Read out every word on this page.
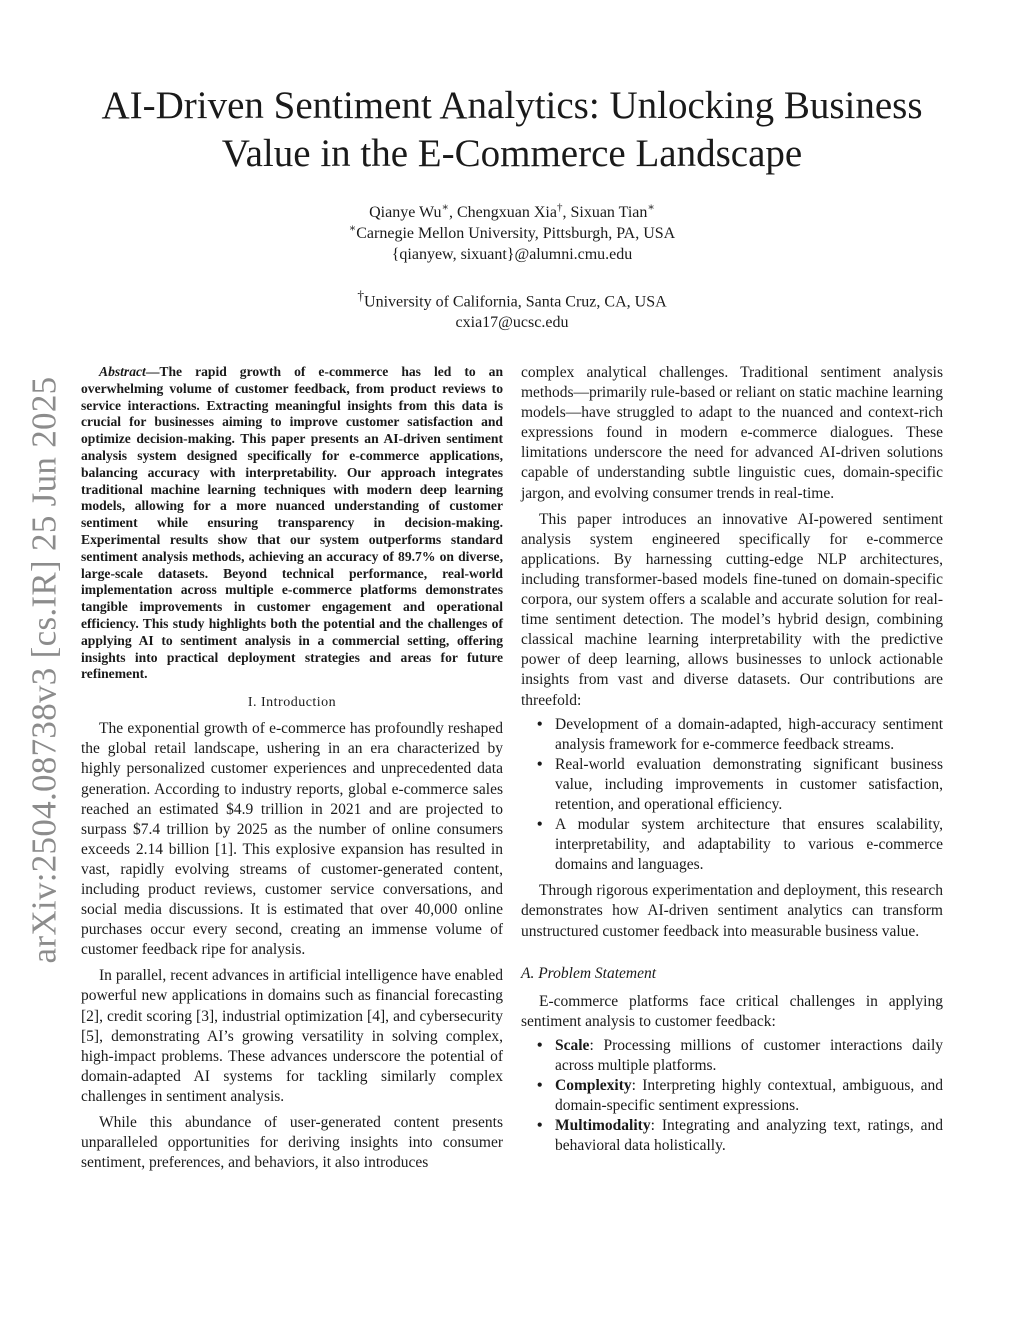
arXiv:2504.08738v3 [cs.IR] 25 Jun 2025
AI-Driven Sentiment Analytics: Unlocking Business
Value in the E-Commerce Landscape
Qianye Wu∗, Chengxuan Xia†, Sixuan Tian∗
∗Carnegie Mellon University, Pittsburgh, PA, USA
{qianyew, sixuant}@alumni.cmu.edu
†University of California, Santa Cruz, CA, USA
cxia17@ucsc.edu

Abstract—The rapid growth of e-commerce has led to an overwhelming volume of customer feedback, from product reviews to service interactions. Extracting meaningful insights from this data is crucial for businesses aiming to improve customer satisfaction and optimize decision-making. This paper presents an AI-driven sentiment analysis system designed specifically for e-commerce applications, balancing accuracy with interpretability. Our approach integrates traditional machine learning techniques with modern deep learning models, allowing for a more nuanced understanding of customer sentiment while ensuring transparency in decision-making. Experimental results show that our system outperforms standard sentiment analysis methods, achieving an accuracy of 89.7% on diverse, large-scale datasets. Beyond technical performance, real-world implementation across multiple e-commerce platforms demonstrates tangible improvements in customer engagement and operational efficiency. This study highlights both the potential and the challenges of applying AI to sentiment analysis in a commercial setting, offering insights into practical deployment strategies and areas for future refinement.

I. Introduction

The exponential growth of e-commerce has profoundly reshaped the global retail landscape, ushering in an era characterized by highly personalized customer experiences and unprecedented data generation. According to industry reports, global e-commerce sales reached an estimated $4.9 trillion in 2021 and are projected to surpass $7.4 trillion by 2025 as the number of online consumers exceeds 2.14 billion [1]. This explosive expansion has resulted in vast, rapidly evolving streams of customer-generated content, including product reviews, customer service conversations, and social media discussions. It is estimated that over 40,000 online purchases occur every second, creating an immense volume of customer feedback ripe for analysis.

In parallel, recent advances in artificial intelligence have enabled powerful new applications in domains such as financial forecasting [2], credit scoring [3], industrial optimization [4], and cybersecurity [5], demonstrating AI’s growing versatility in solving complex, high-impact problems. These advances underscore the potential of domain-adapted AI systems for tackling similarly complex challenges in sentiment analysis.

While this abundance of user-generated content presents unparalleled opportunities for deriving insights into consumer sentiment, preferences, and behaviors, it also introduces

complex analytical challenges. Traditional sentiment analysis methods—primarily rule-based or reliant on static machine learning models—have struggled to adapt to the nuanced and context-rich expressions found in modern e-commerce dialogues. These limitations underscore the need for advanced AI-driven solutions capable of understanding subtle linguistic cues, domain-specific jargon, and evolving consumer trends in real-time.

This paper introduces an innovative AI-powered sentiment analysis system engineered specifically for e-commerce applications. By harnessing cutting-edge NLP architectures, including transformer-based models fine-tuned on domain-specific corpora, our system offers a scalable and accurate solution for real-time sentiment detection. The model’s hybrid design, combining classical machine learning interpretability with the predictive power of deep learning, allows businesses to unlock actionable insights from vast and diverse datasets. Our contributions are threefold:

• Development of a domain-adapted, high-accuracy sentiment analysis framework for e-commerce feedback streams.
• Real-world evaluation demonstrating significant business value, including improvements in customer satisfaction, retention, and operational efficiency.
• A modular system architecture that ensures scalability, interpretability, and adaptability to various e-commerce domains and languages.

Through rigorous experimentation and deployment, this research demonstrates how AI-driven sentiment analytics can transform unstructured customer feedback into measurable business value.

A. Problem Statement

E-commerce platforms face critical challenges in applying sentiment analysis to customer feedback:

• Scale: Processing millions of customer interactions daily across multiple platforms.
• Complexity: Interpreting highly contextual, ambiguous, and domain-specific sentiment expressions.
• Multimodality: Integrating and analyzing text, ratings, and behavioral data holistically.
